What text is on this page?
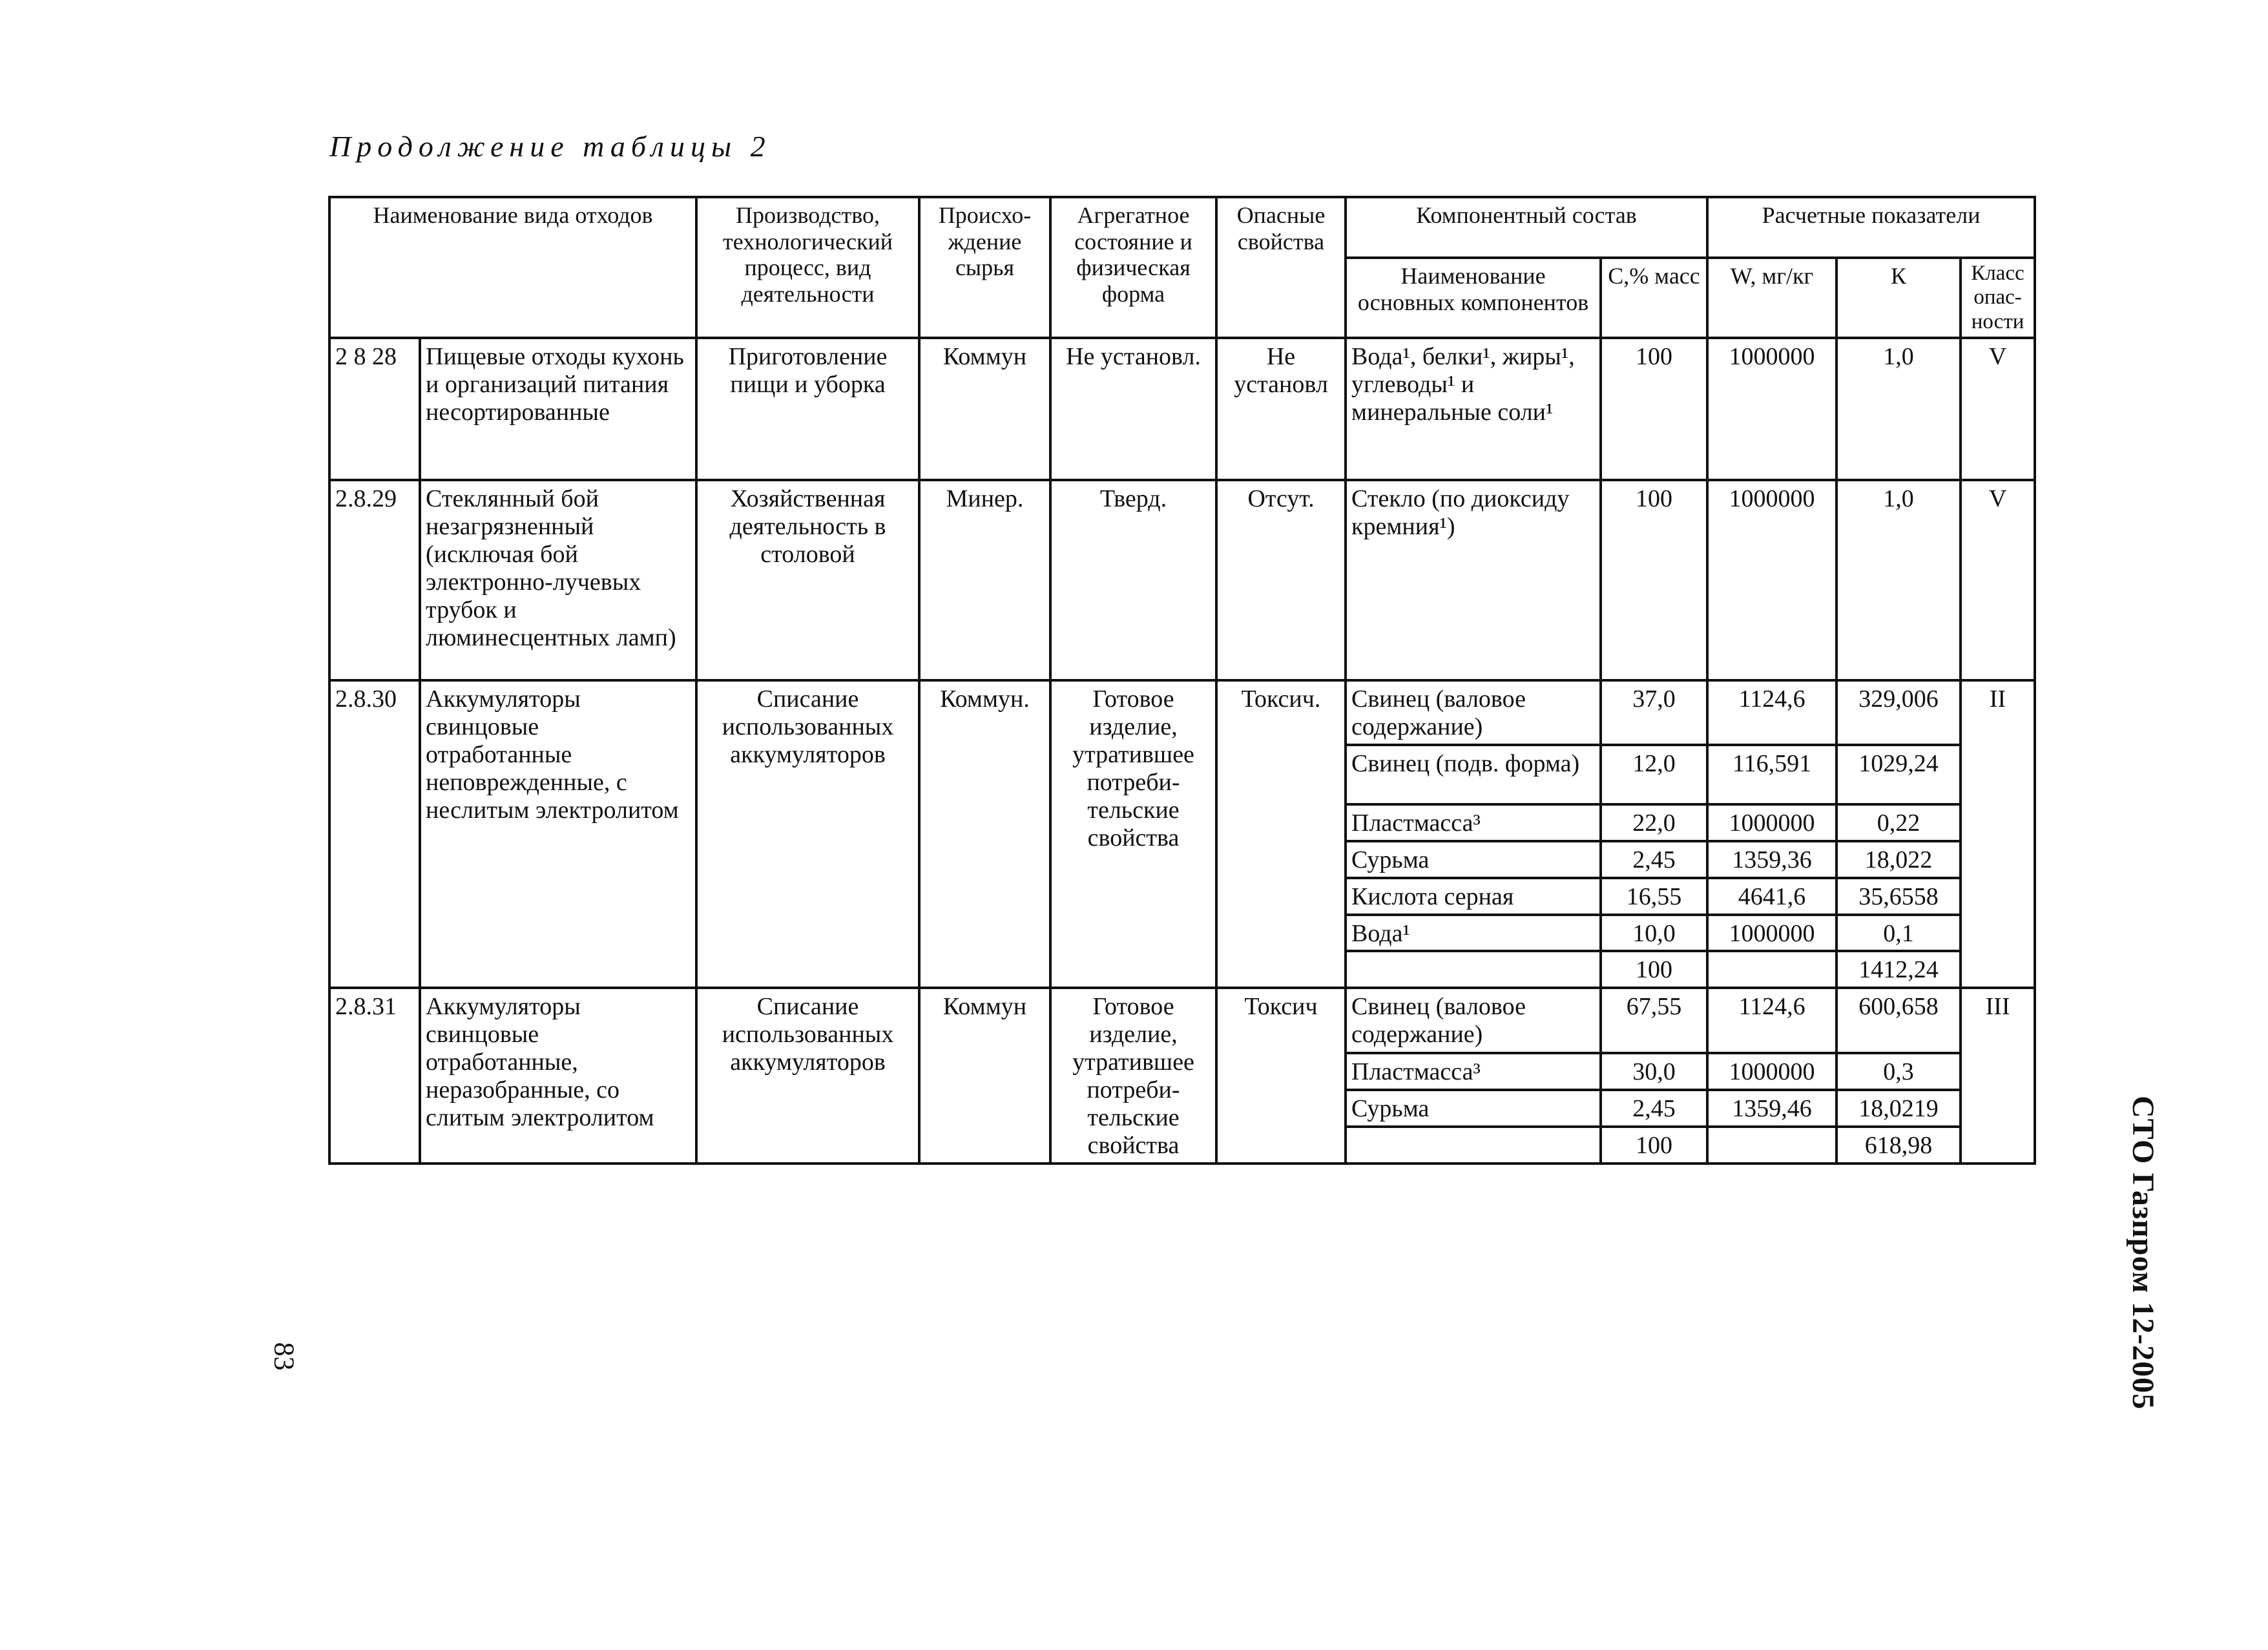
Продолжение таблицы 2
Наименование вида отходов		Производство, технологический процесс, вид деятельности	Происхо-ждение сырья	Агрегатное состояние и физическая форма	Опасные свойства	Компонентный состав		Расчетные показатели		
						Наименование основных компонентов	С,% масс	W, мг/кг	К	Класс опас-ности
2 8 28	Пищевые отходы кухонь и организаций питания несортированные	Приготовление пищи и уборка	Коммун	Не установл.	Не установл	Вода¹, белки¹, жиры¹, углеводы¹ и минеральные соли¹	100	1000000	1,0	V
2.8.29	Стеклянный бой незагрязненный (исключая бой электронно-лучевых трубок и люминесцентных ламп)	Хозяйственная деятельность в столовой	Минер.	Тверд.	Отсут.	Стекло (по диоксиду кремния¹)	100	1000000	1,0	V
2.8.30	Аккумуляторы свинцовые отработанные неповрежденные, с неслитым электролитом	Списание использованных аккумуляторов	Коммун.	Готовое изделие, утратившее потреби-тельские свойства	Токсич.	Свинец (валовое содержание)	37,0	1124,6	329,006	II
						Свинец (подв. форма)	12,0	116,591	1029,24	
						Пластмасса³	22,0	1000000	0,22	
						Сурьма	2,45	1359,36	18,022	
						Кислота серная	16,55	4641,6	35,6558	
						Вода¹	10,0	1000000	0,1	
							100		1412,24	
2.8.31	Аккумуляторы свинцовые отработанные, неразобранные, со слитым электролитом	Списание использованных аккумуляторов	Коммун	Готовое изделие, утратившее потреби-тельские свойства	Токсич	Свинец (валовое содержание)	67,55	1124,6	600,658	III
						Пластмасса³	30,0	1000000	0,3	
						Сурьма	2,45	1359,46	18,0219	
							100		618,98		СТО Газпром 12-2005
83
